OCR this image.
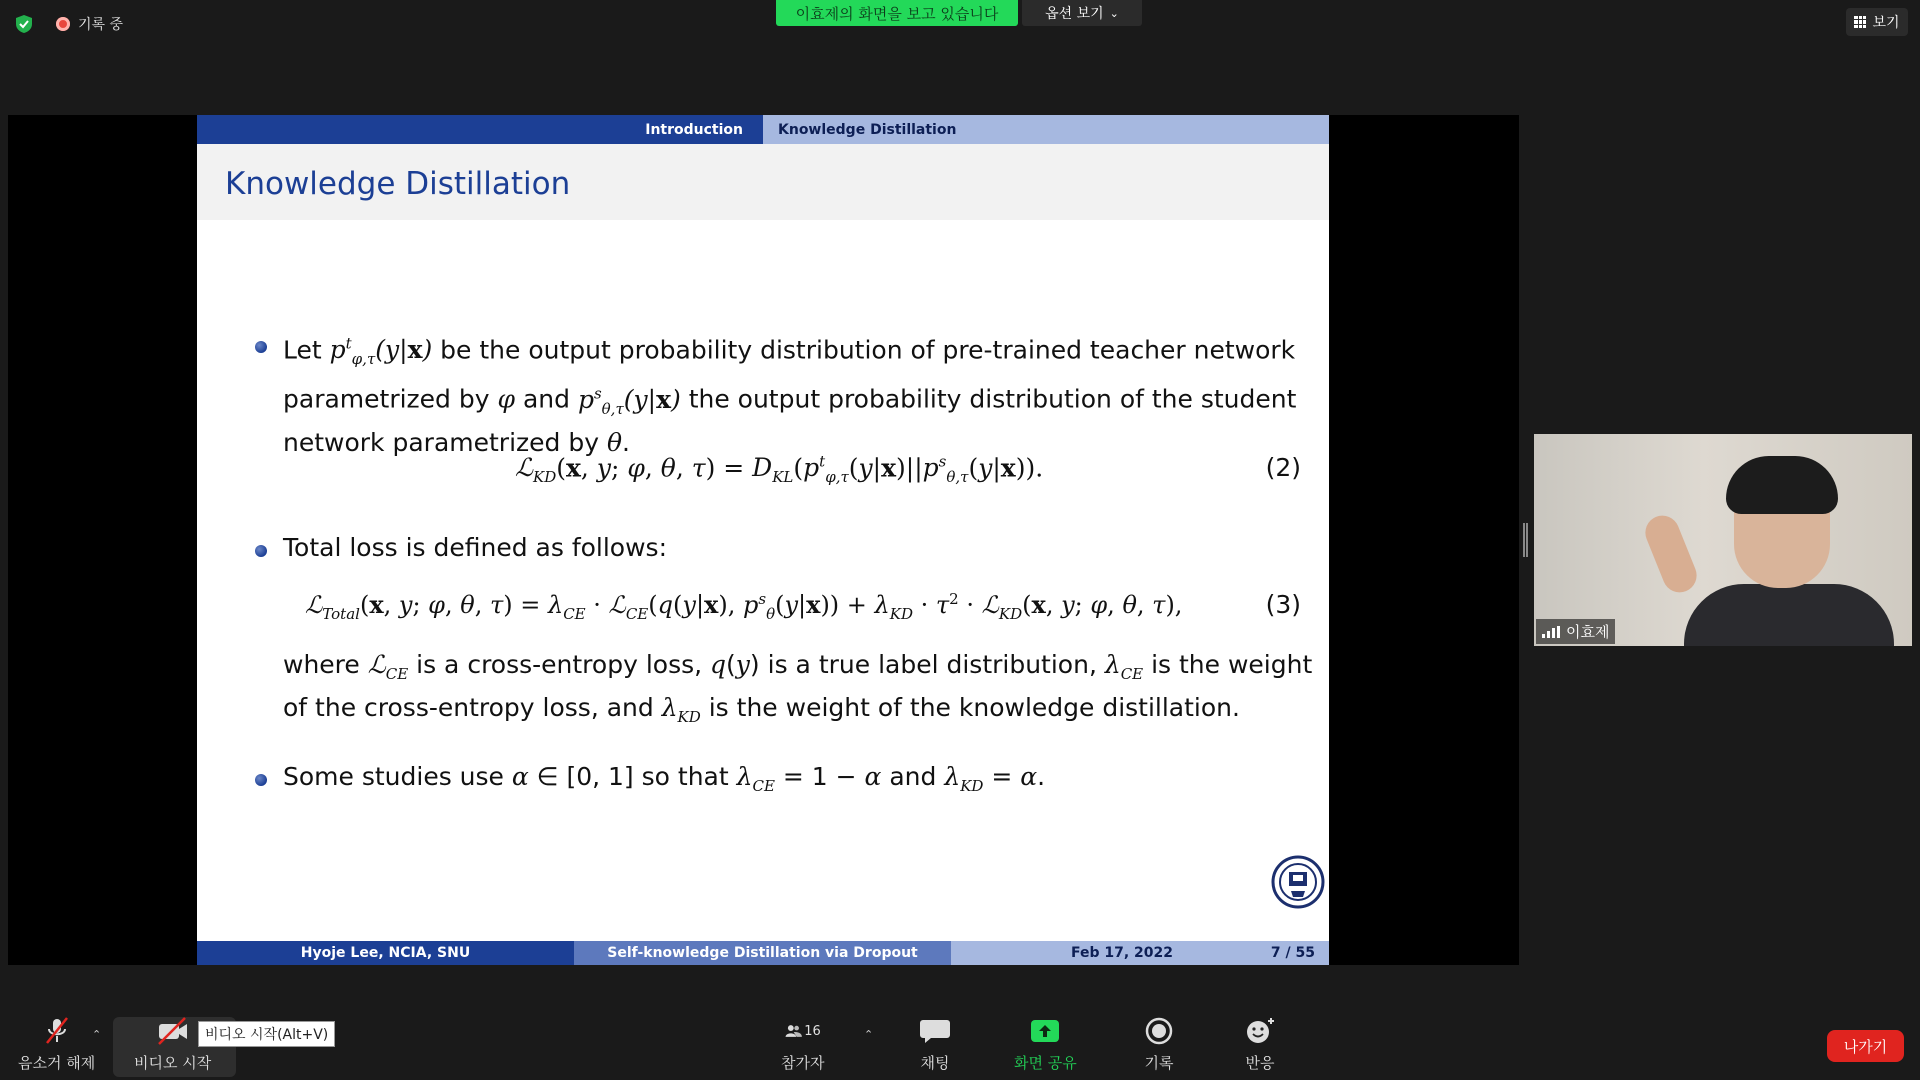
기록 중
이효제의 화면을 보고 있습니다	옵션 보기 ⌄
보기
Introduction	Knowledge Distillation
Knowledge Distillation
Let $p^t_{\varphi,\tau}(y|x)$ be the output probability distribution of pre-trained teacher network
parametrized by φ and $p^s_{\theta,\tau}(y|x)$ the output probability distribution of the student
network parametrized by θ.
ℒ$_{KD}$(x, y; φ, θ, $\tau) = D_{KL}(p^t_{\varphi,\tau}(y|x)||p^s_{\theta,\tau}(y|x))$.	(2)
Total loss is defined as follows:
ℒ$_{Total}$(x, y; φ, θ, $\tau) = \lambda_{CE}$ · ℒ$_{CE}$(q(y|x), $p^s_\theta(y|x)) + \lambda_{KD} \cdot \tau^2$ · ℒ$_{KD}$(x, y; φ, θ, τ),	(3)
where ℒ$_{CE}$ is a cross-entropy loss, q(y) is a true label distribution, $\lambda_{CE}$ is the weight
of the cross-entropy loss, and $\lambda_{KD}$ is the weight of the knowledge distillation.
Some studies use α ∈ [0, 1] so that $\lambda_{CE} = 1 - \alpha$ and $\lambda_{KD} = \alpha$.
Hyoje Lee, NCIA, SNU	Self-knowledge Distillation via Dropout	Feb 17, 2022	7 / 55
이효제
음소거 해제
⌃
비디오 시작
16
참가자
⌃
채팅	화면 공유	기록	반응
비디오 시작(Alt+V)
나가기
